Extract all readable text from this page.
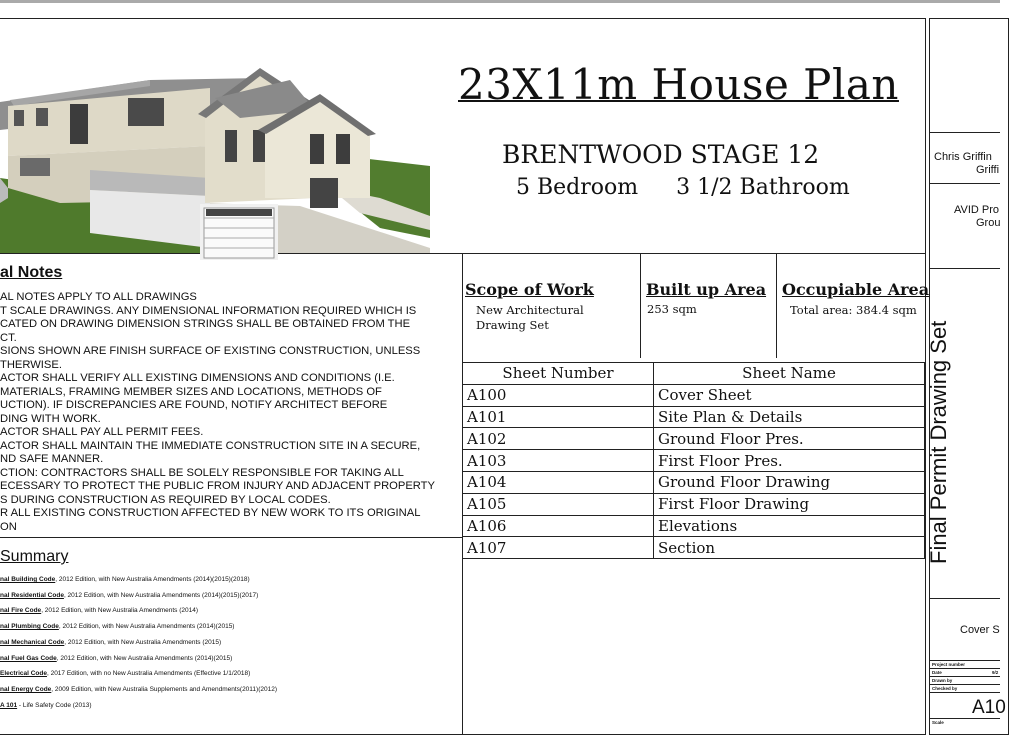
23X11m House Plan
BRENTWOOD STAGE 12
5 Bedroom 3 1/2 Bathroom
Scope of Work
New Architectural
Drawing Set
Built up Area
253 sqm
Occupiable Area
Total area: 384.4 sqm
al Notes
AL NOTES APPLY TO ALL DRAWINGS
T SCALE DRAWINGS. ANY DIMENSIONAL INFORMATION REQUIRED WHICH IS
CATED ON DRAWING DIMENSION STRINGS SHALL BE OBTAINED FROM THE
CT.
SIONS SHOWN ARE FINISH SURFACE OF EXISTING CONSTRUCTION, UNLESS
THERWISE.
ACTOR SHALL VERIFY ALL EXISTING DIMENSIONS AND CONDITIONS (I.E.
MATERIALS, FRAMING MEMBER SIZES AND LOCATIONS, METHODS OF
UCTION). IF DISCREPANCIES ARE FOUND, NOTIFY ARCHITECT BEFORE
DING WITH WORK.
ACTOR SHALL PAY ALL PERMIT FEES.
ACTOR SHALL MAINTAIN THE IMMEDIATE CONSTRUCTION SITE IN A SECURE,
ND SAFE MANNER.
CTION: CONTRACTORS SHALL BE SOLELY RESPONSIBLE FOR TAKING ALL
ECESSARY TO PROTECT THE PUBLIC FROM INJURY AND ADJACENT PROPERTY
S DURING CONSTRUCTION AS REQUIRED BY LOCAL CODES.
R ALL EXISTING CONSTRUCTION AFFECTED BY NEW WORK TO ITS ORIGINAL
ON
Summary
nal Building Code, 2012 Edition, with New Australia Amendments (2014)(2015)(2018)
nal Residential Code, 2012 Edition, with New Australia Amendments (2014)(2015)(2017)
nal Fire Code, 2012 Edition, with New Australia Amendments (2014)
nal Plumbing Code, 2012 Edition, with New Australia Amendments (2014)(2015)
nal Mechanical Code, 2012 Edition, with New Australia Amendments (2015)
nal Fuel Gas Code, 2012 Edition, with New Australia Amendments (2014)(2015)
Electrical Code, 2017 Edition, with no New Australia Amendments (Effective 1/1/2018)
nal Energy Code, 2009 Edition, with New Australia Supplements and Amendments(2011)(2012)
A 101 - Life Safety Code (2013)
Sheet Number	Sheet Name
A100	Cover Sheet
A101	Site Plan & Details
A102	Ground Floor Pres.
A103	First Floor Pres.
A104	Ground Floor Drawing
A105	First Floor Drawing
A106	Elevations
A107	Section
Chris Griffin
Griffi
AVID Pro
Grou
Final Permit Drawing Set
Cover S
Project number
Date	9/2
Drawn by
Checked by
Scale
A10
